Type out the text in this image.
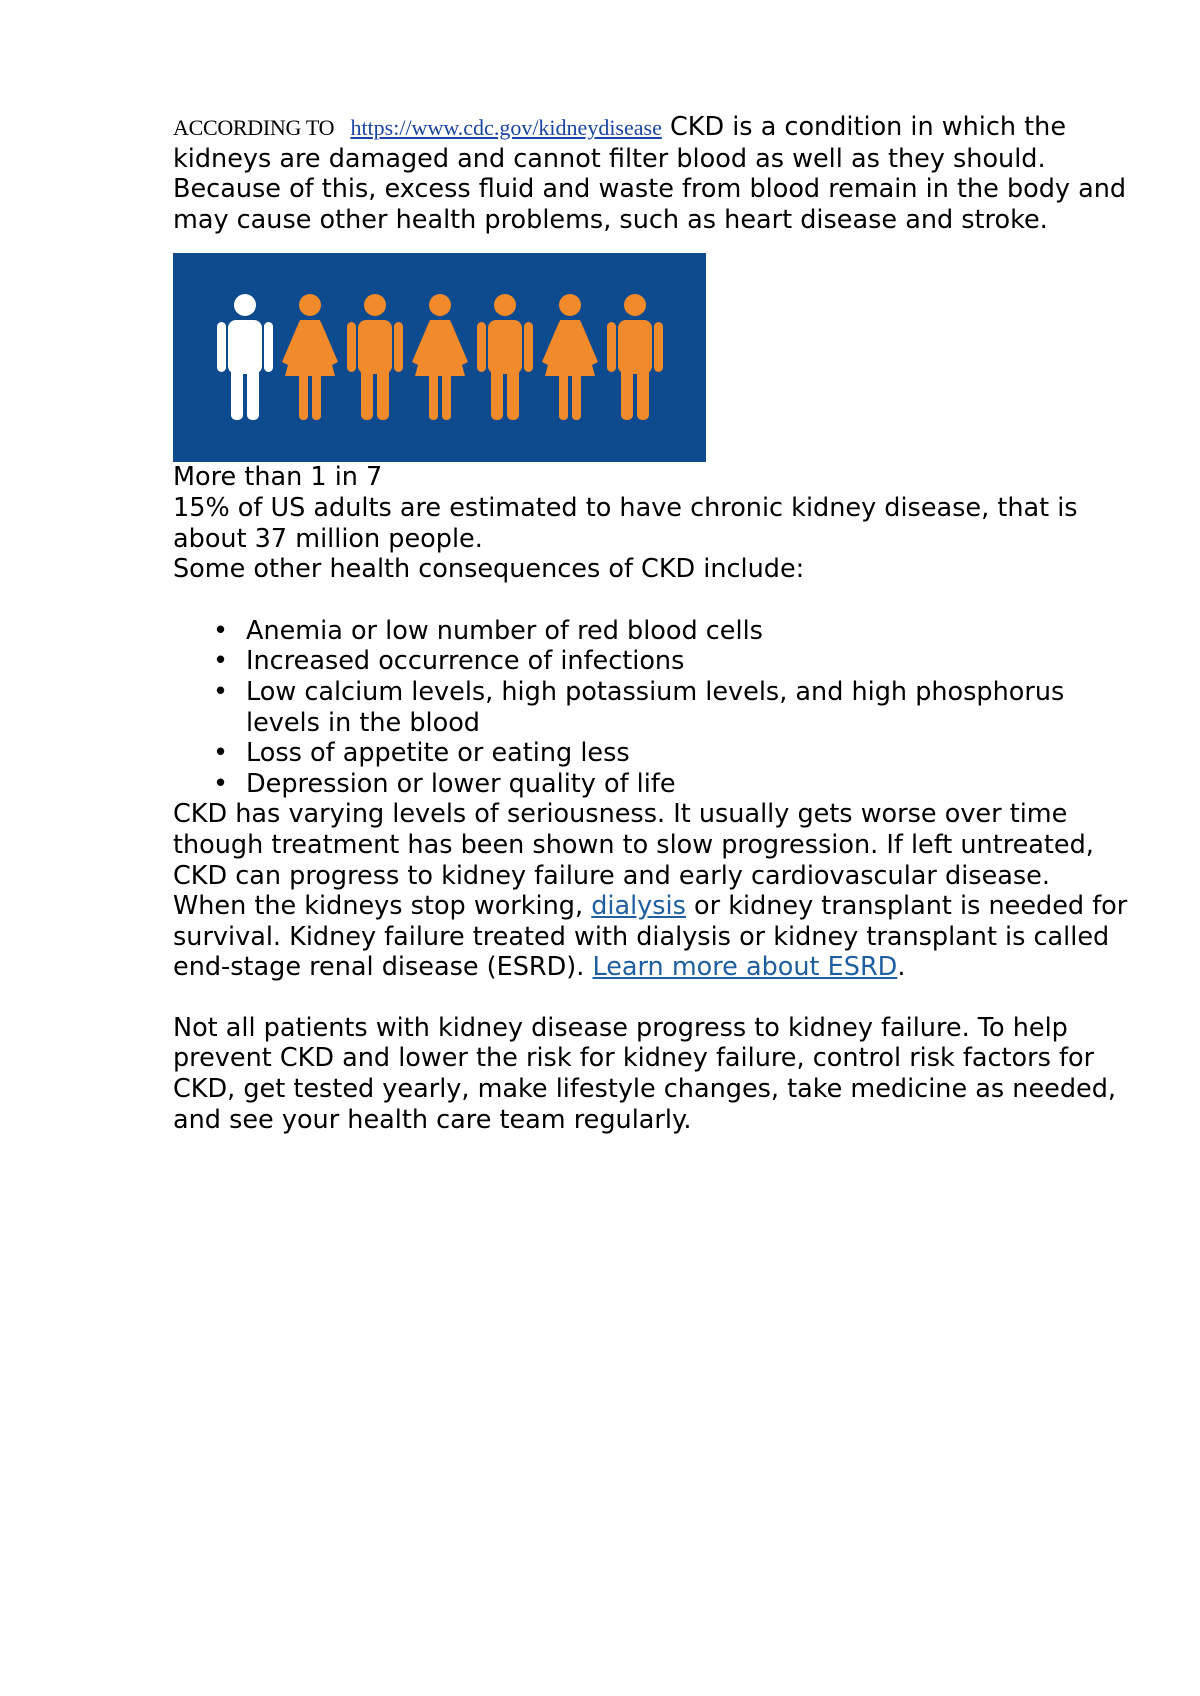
ACCORDING TO https://www.cdc.gov/kidneydisease CKD is a condition in which the kidneys are damaged and cannot filter blood as well as they should. Because of this, excess fluid and waste from blood remain in the body and may cause other health problems, such as heart disease and stroke.

More than 1 in 7

15% of US adults are estimated to have chronic kidney disease, that is about 37 million people.

Some other health consequences of CKD include:

• Anemia or low number of red blood cells
• Increased occurrence of infections
• Low calcium levels, high potassium levels, and high phosphorus levels in the blood
• Loss of appetite or eating less
• Depression or lower quality of life

CKD has varying levels of seriousness. It usually gets worse over time though treatment has been shown to slow progression. If left untreated, CKD can progress to kidney failure and early cardiovascular disease. When the kidneys stop working, dialysis or kidney transplant is needed for survival. Kidney failure treated with dialysis or kidney transplant is called end-stage renal disease (ESRD). Learn more about ESRD.

Not all patients with kidney disease progress to kidney failure. To help prevent CKD and lower the risk for kidney failure, control risk factors for CKD, get tested yearly, make lifestyle changes, take medicine as needed, and see your health care team regularly.
